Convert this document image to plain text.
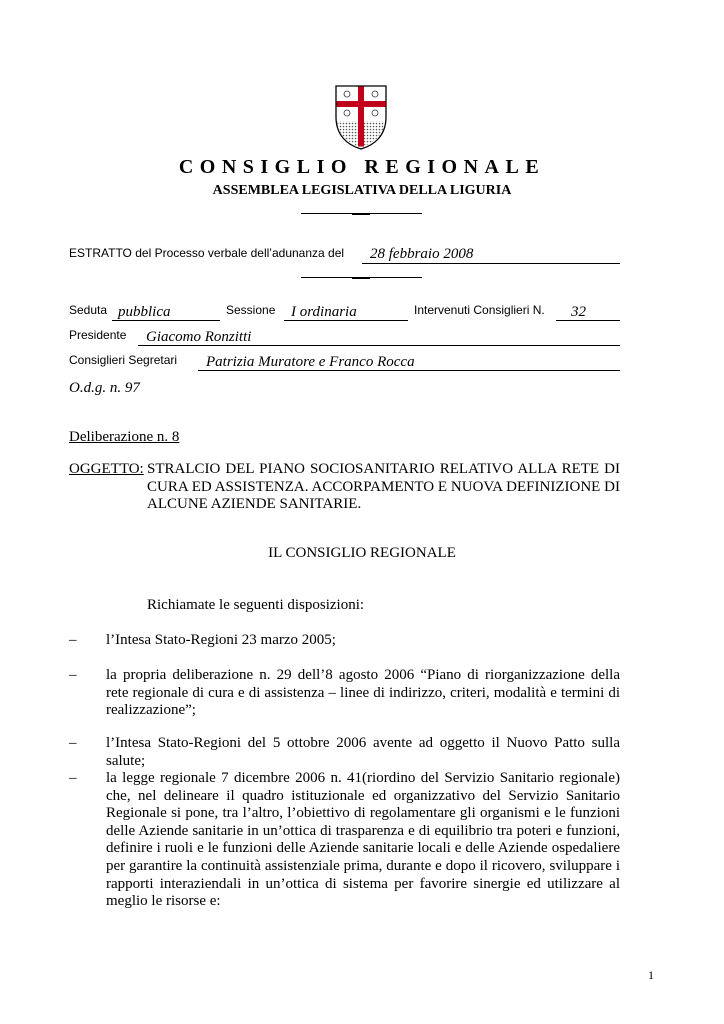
CONSIGLIO REGIONALE
ASSEMBLEA LEGISLATIVA DELLA LIGURIA
ESTRATTO del Processo verbale dell’adunanza del 28 febbraio 2008
Seduta pubblica	Sessione I ordinaria	Intervenuti Consiglieri N. 32
Presidente Giacomo Ronzitti
Consiglieri Segretari Patrizia Muratore e Franco Rocca
O.d.g. n. 97
Deliberazione n. 8
OGGETTO: STRALCIO DEL PIANO SOCIOSANITARIO RELATIVO ALLA RETE DI CURA ED ASSISTENZA. ACCORPAMENTO E NUOVA DEFINIZIONE DI ALCUNE AZIENDE SANITARIE.
IL CONSIGLIO REGIONALE
Richiamate le seguenti disposizioni:
– l’Intesa Stato-Regioni 23 marzo 2005;
– la propria deliberazione n. 29 dell’8 agosto 2006 “Piano di riorganizzazione della rete regionale di cura e di assistenza – linee di indirizzo, criteri, modalità e termini di realizzazione”;
– l’Intesa Stato-Regioni del 5 ottobre 2006 avente ad oggetto il Nuovo Patto sulla salute;
– la legge regionale 7 dicembre 2006 n. 41(riordino del Servizio Sanitario regionale) che, nel delineare il quadro istituzionale ed organizzativo del Servizio Sanitario Regionale si pone, tra l’altro, l’obiettivo di regolamentare gli organismi e le funzioni delle Aziende sanitarie in un’ottica di trasparenza e di equilibrio tra poteri e funzioni, definire i ruoli e le funzioni delle Aziende sanitarie locali e delle Aziende ospedaliere per garantire la continuità assistenziale prima, durante e dopo il ricovero, sviluppare i rapporti interaziendali in un’ottica di sistema per favorire sinergie ed utilizzare al meglio le risorse e:
1
